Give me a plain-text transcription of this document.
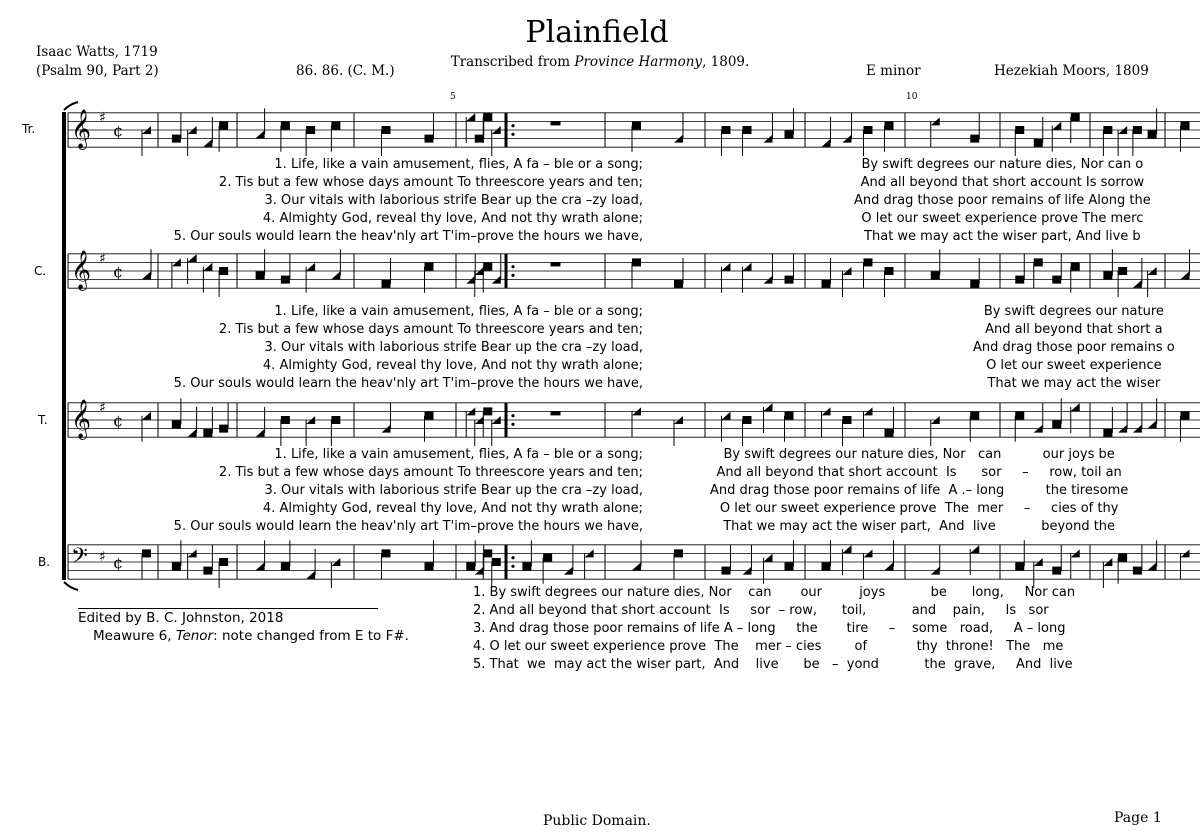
𝄞 ♯
¢
𝄞 ♯
¢
𝄞 ♯
¢
𝄢 ♯ ¢
Plainfield
Transcribed from Province Harmony, 1809.
Isaac Watts, 1719
(Psalm 90, Part 2)	86. 86. (C. M.)	E minor	Hezekiah Moors, 1809
5	10
Tr.
C.
T.
B.
1. Life, like a vain amusement, flies, A fa – ble or a song;
2. Tis but a few whose days amount To threescore years and ten;
3. Our vitals with laborious strife Bear up the cra –zy load,
4. Almighty God, reveal thy love, And not thy wrath alone;
5. Our souls would learn the heav'nly art T'im–prove the hours we have,
By swift degrees our nature dies, Nor can o
And all beyond that short account Is sorrow
And drag those poor remains of life Along the
O let our sweet experience prove The merc
That we may act the wiser part, And live b
1. Life, like a vain amusement, flies, A fa – ble or a song;
2. Tis but a few whose days amount To threescore years and ten;
3. Our vitals with laborious strife Bear up the cra –zy load,
4. Almighty God, reveal thy love, And not thy wrath alone;
5. Our souls would learn the heav'nly art T'im–prove the hours we have,
By swift degrees our nature
And all beyond that short a
And drag those poor remains o
O let our sweet experience
That we may act the wiser
1. Life, like a vain amusement, flies, A fa – ble or a song;
2. Tis but a few whose days amount To threescore years and ten;
3. Our vitals with laborious strife Bear up the cra –zy load,
4. Almighty God, reveal thy love, And not thy wrath alone;
5. Our souls would learn the heav'nly art T'im–prove the hours we have,
By swift degrees our nature dies, Nor   can          our joys be
And all beyond that short account  Is      sor     –     row, toil an
And drag those poor remains of life  A .– long          the tiresome
O let our sweet experience prove  The  mer     –     cies of thy
That we may act the wiser part,  And  live           beyond the
1. By swift degrees our nature dies, Nor    can       our         joys           be      long,     Nor can
2. And all beyond that short account  Is     sor  – row,      toil,           and    pain,     Is   sor
3. And drag those poor remains of life A – long     the       tire     –    some   road,     A – long
4. O let our sweet experience prove  The    mer – cies        of            thy  throne!   The   me
5. That  we  may act the wiser part,  And    live      be   –  yond           the  grave,     And  live
Edited by B. C. Johnston, 2018
Meawure 6, Tenor: note changed from E to F#.
Public Domain.	Page 1
